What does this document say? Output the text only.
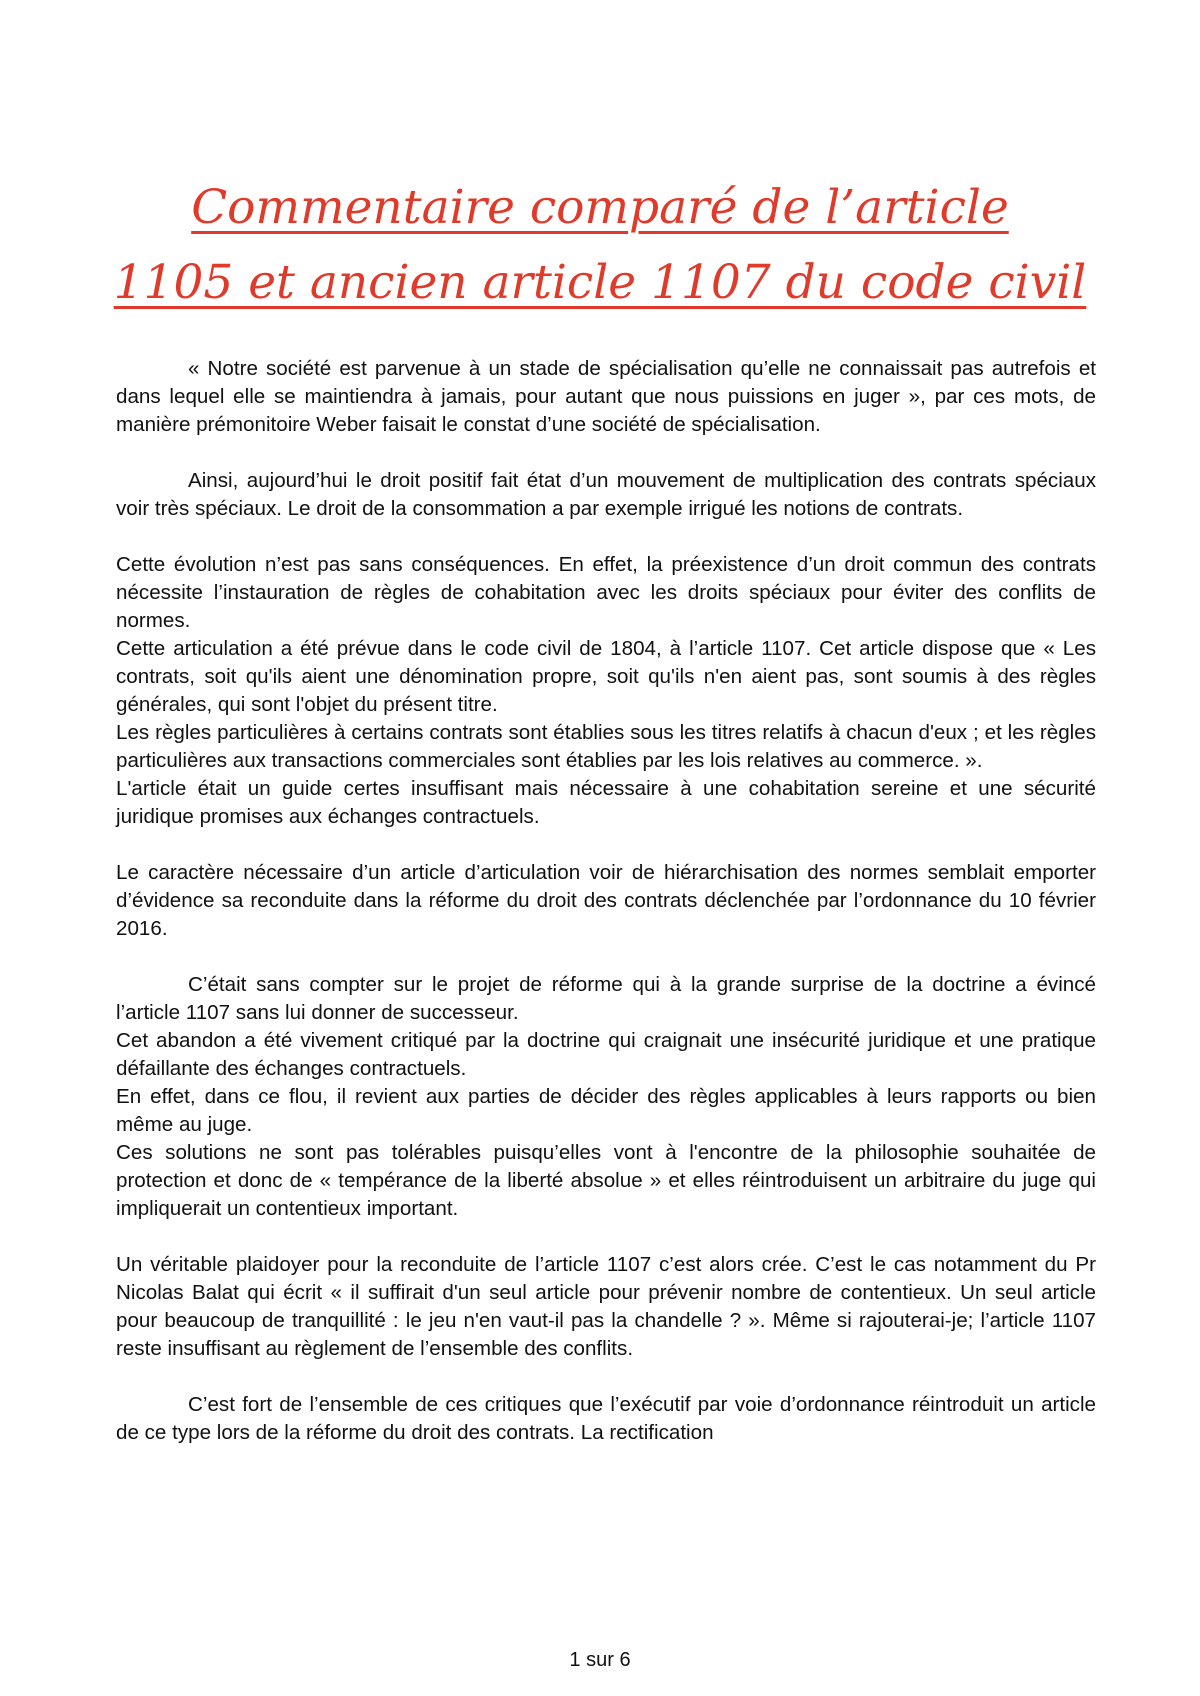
Commentaire comparé de l’article
1105 et ancien article 1107 du code civil

« Notre société est parvenue à un stade de spécialisation qu’elle ne connaissait pas autrefois et dans lequel elle se maintiendra à jamais, pour autant que nous puissions en juger », par ces mots, de manière prémonitoire Weber faisait le constat d’une société de spécialisation.

Ainsi, aujourd’hui le droit positif fait état d’un mouvement de multiplication des contrats spéciaux voir très spéciaux. Le droit de la consommation a par exemple irrigué les notions de contrats.

Cette évolution n’est pas sans conséquences. En effet, la préexistence d’un droit commun des contrats nécessite l’instauration de règles de cohabitation avec les droits spéciaux pour éviter des conflits de normes.

Cette articulation a été prévue dans le code civil de 1804, à l’article 1107. Cet article dispose que « Les contrats, soit qu'ils aient une dénomination propre, soit qu'ils n'en aient pas, sont soumis à des règles générales, qui sont l'objet du présent titre.

Les règles particulières à certains contrats sont établies sous les titres relatifs à chacun d'eux ; et les règles particulières aux transactions commerciales sont établies par les lois relatives au commerce. ».

L'article était un guide certes insuffisant mais nécessaire à une cohabitation sereine et une sécurité juridique promises aux échanges contractuels.

Le caractère nécessaire d’un article d’articulation voir de hiérarchisation des normes semblait emporter d’évidence sa reconduite dans la réforme du droit des contrats déclenchée par l’ordonnance du 10 février 2016.

C’était sans compter sur le projet de réforme qui à la grande surprise de la doctrine a évincé l’article 1107 sans lui donner de successeur.

Cet abandon a été vivement critiqué par la doctrine qui craignait une insécurité juridique et une pratique défaillante des échanges contractuels.

En effet, dans ce flou, il revient aux parties de décider des règles applicables à leurs rapports ou bien même au juge.

Ces solutions ne sont pas tolérables puisqu’elles vont à l'encontre de la philosophie souhaitée de protection et donc de « tempérance de la liberté absolue » et elles réintroduisent un arbitraire du juge qui impliquerait un contentieux important.

Un véritable plaidoyer pour la reconduite de l’article 1107 c’est alors crée. C’est le cas notamment du Pr Nicolas Balat qui écrit « il suffirait d'un seul article pour prévenir nombre de contentieux. Un seul article pour beaucoup de tranquillité : le jeu n'en vaut-il pas la chandelle ? ». Même si rajouterai-je; l’article 1107 reste insuffisant au règlement de l’ensemble des conflits.

C’est fort de l’ensemble de ces critiques que l’exécutif par voie d’ordonnance réintroduit un article de ce type lors de la réforme du droit des contrats. La rectification

1 sur 6
